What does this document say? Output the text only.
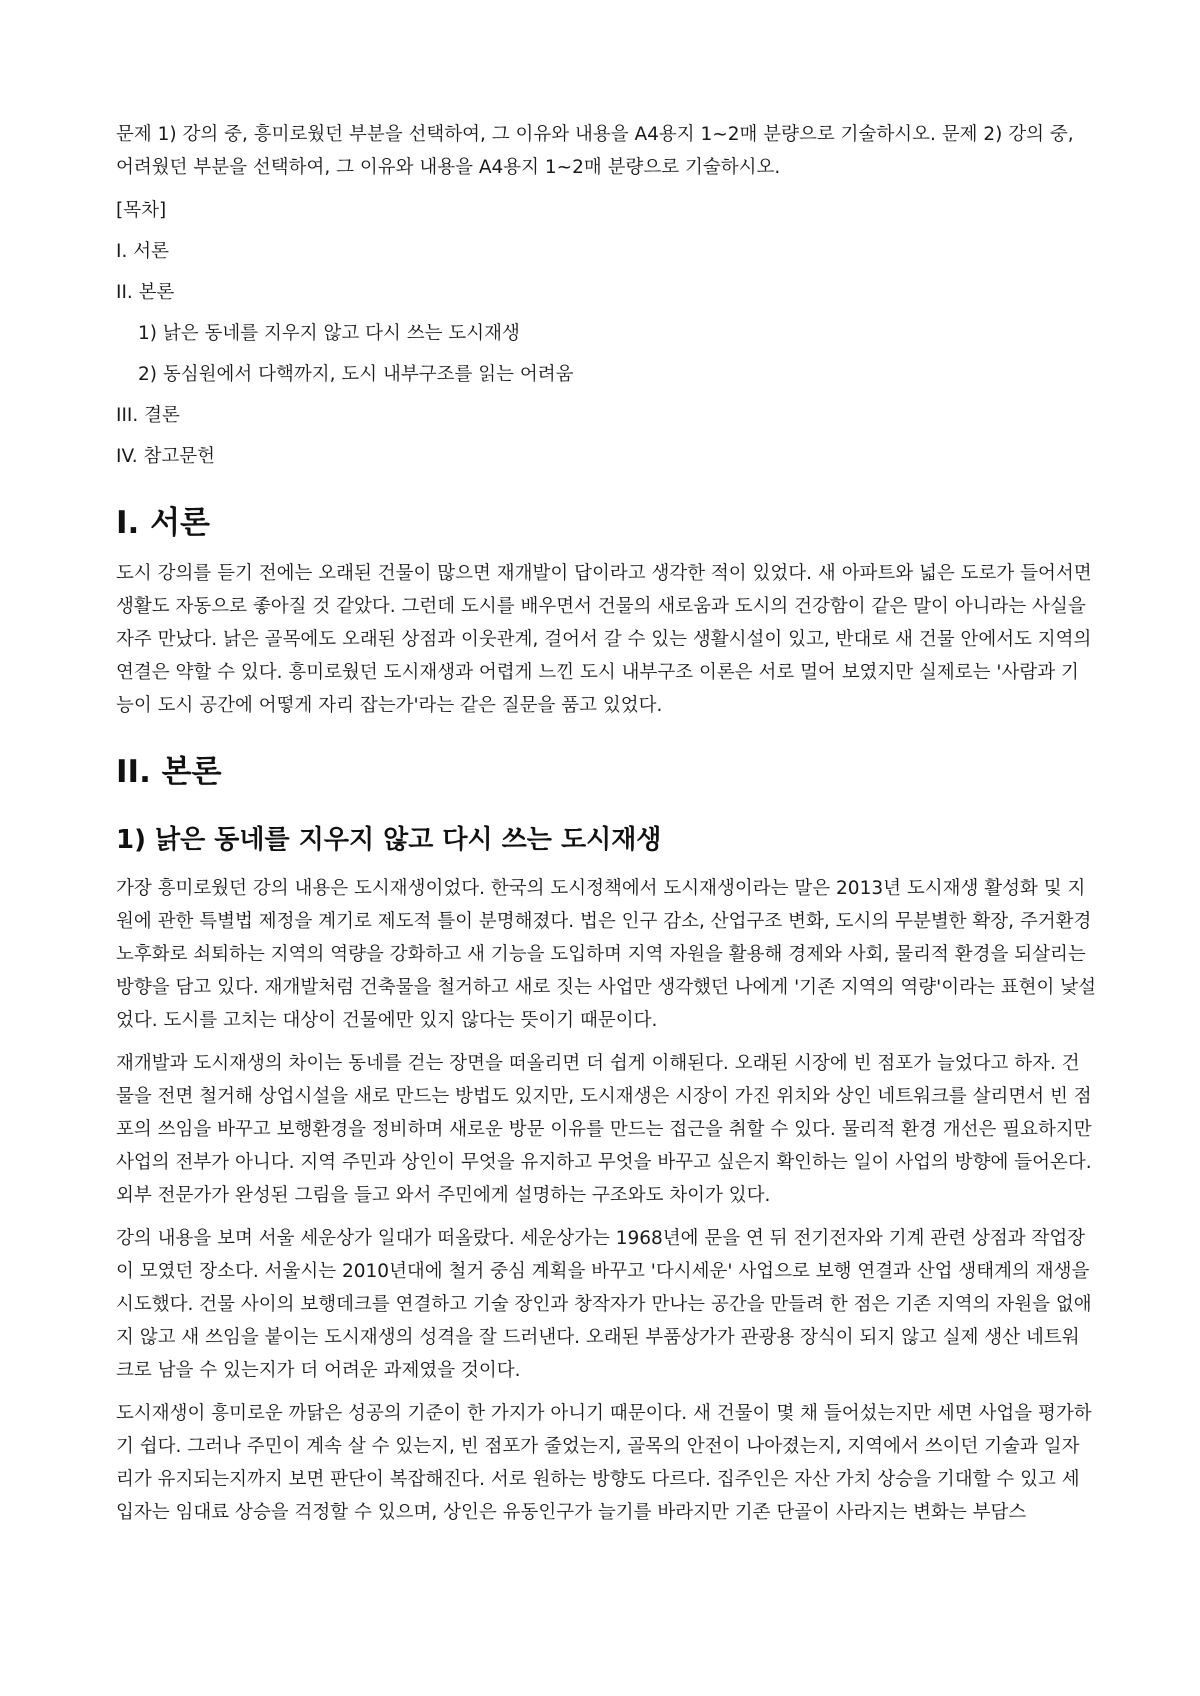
문제 1) 강의 중, 흥미로웠던 부분을 선택하여, 그 이유와 내용을 A4용지 1~2매 분량으로 기술하시오. 문제 2) 강의 중, 어려웠던 부분을 선택하여, 그 이유와 내용을 A4용지 1~2매 분량으로 기술하시오.

[목차]

I. 서론
II. 본론
1) 낡은 동네를 지우지 않고 다시 쓰는 도시재생
2) 동심원에서 다핵까지, 도시 내부구조를 읽는 어려움
III. 결론
IV. 참고문헌
I. 서론

도시 강의를 듣기 전에는 오래된 건물이 많으면 재개발이 답이라고 생각한 적이 있었다. 새 아파트와 넓은 도로가 들어서면 생활도 자동으로 좋아질 것 같았다. 그런데 도시를 배우면서 건물의 새로움과 도시의 건강함이 같은 말이 아니라는 사실을 자주 만났다. 낡은 골목에도 오래된 상점과 이웃관계, 걸어서 갈 수 있는 생활시설이 있고, 반대로 새 건물 안에서도 지역의 연결은 약할 수 있다. 흥미로웠던 도시재생과 어렵게 느낀 도시 내부구조 이론은 서로 멀어 보였지만 실제로는 '사람과 기능이 도시 공간에 어떻게 자리 잡는가'라는 같은 질문을 품고 있었다.

II. 본론
1) 낡은 동네를 지우지 않고 다시 쓰는 도시재생

가장 흥미로웠던 강의 내용은 도시재생이었다. 한국의 도시정책에서 도시재생이라는 말은 2013년 도시재생 활성화 및 지원에 관한 특별법 제정을 계기로 제도적 틀이 분명해졌다. 법은 인구 감소, 산업구조 변화, 도시의 무분별한 확장, 주거환경 노후화로 쇠퇴하는 지역의 역량을 강화하고 새 기능을 도입하며 지역 자원을 활용해 경제와 사회, 물리적 환경을 되살리는 방향을 담고 있다. 재개발처럼 건축물을 철거하고 새로 짓는 사업만 생각했던 나에게 '기존 지역의 역량'이라는 표현이 낯설었다. 도시를 고치는 대상이 건물에만 있지 않다는 뜻이기 때문이다.

재개발과 도시재생의 차이는 동네를 걷는 장면을 떠올리면 더 쉽게 이해된다. 오래된 시장에 빈 점포가 늘었다고 하자. 건물을 전면 철거해 상업시설을 새로 만드는 방법도 있지만, 도시재생은 시장이 가진 위치와 상인 네트워크를 살리면서 빈 점포의 쓰임을 바꾸고 보행환경을 정비하며 새로운 방문 이유를 만드는 접근을 취할 수 있다. 물리적 환경 개선은 필요하지만 사업의 전부가 아니다. 지역 주민과 상인이 무엇을 유지하고 무엇을 바꾸고 싶은지 확인하는 일이 사업의 방향에 들어온다. 외부 전문가가 완성된 그림을 들고 와서 주민에게 설명하는 구조와도 차이가 있다.

강의 내용을 보며 서울 세운상가 일대가 떠올랐다. 세운상가는 1968년에 문을 연 뒤 전기전자와 기계 관련 상점과 작업장이 모였던 장소다. 서울시는 2010년대에 철거 중심 계획을 바꾸고 '다시세운' 사업으로 보행 연결과 산업 생태계의 재생을 시도했다. 건물 사이의 보행데크를 연결하고 기술 장인과 창작자가 만나는 공간을 만들려 한 점은 기존 지역의 자원을 없애지 않고 새 쓰임을 붙이는 도시재생의 성격을 잘 드러낸다. 오래된 부품상가가 관광용 장식이 되지 않고 실제 생산 네트워크로 남을 수 있는지가 더 어려운 과제였을 것이다.

도시재생이 흥미로운 까닭은 성공의 기준이 한 가지가 아니기 때문이다. 새 건물이 몇 채 들어섰는지만 세면 사업을 평가하기 쉽다. 그러나 주민이 계속 살 수 있는지, 빈 점포가 줄었는지, 골목의 안전이 나아졌는지, 지역에서 쓰이던 기술과 일자리가 유지되는지까지 보면 판단이 복잡해진다. 서로 원하는 방향도 다르다. 집주인은 자산 가치 상승을 기대할 수 있고 세입자는 임대료 상승을 걱정할 수 있으며, 상인은 유동인구가 늘기를 바라지만 기존 단골이 사라지는 변화는 부담스
